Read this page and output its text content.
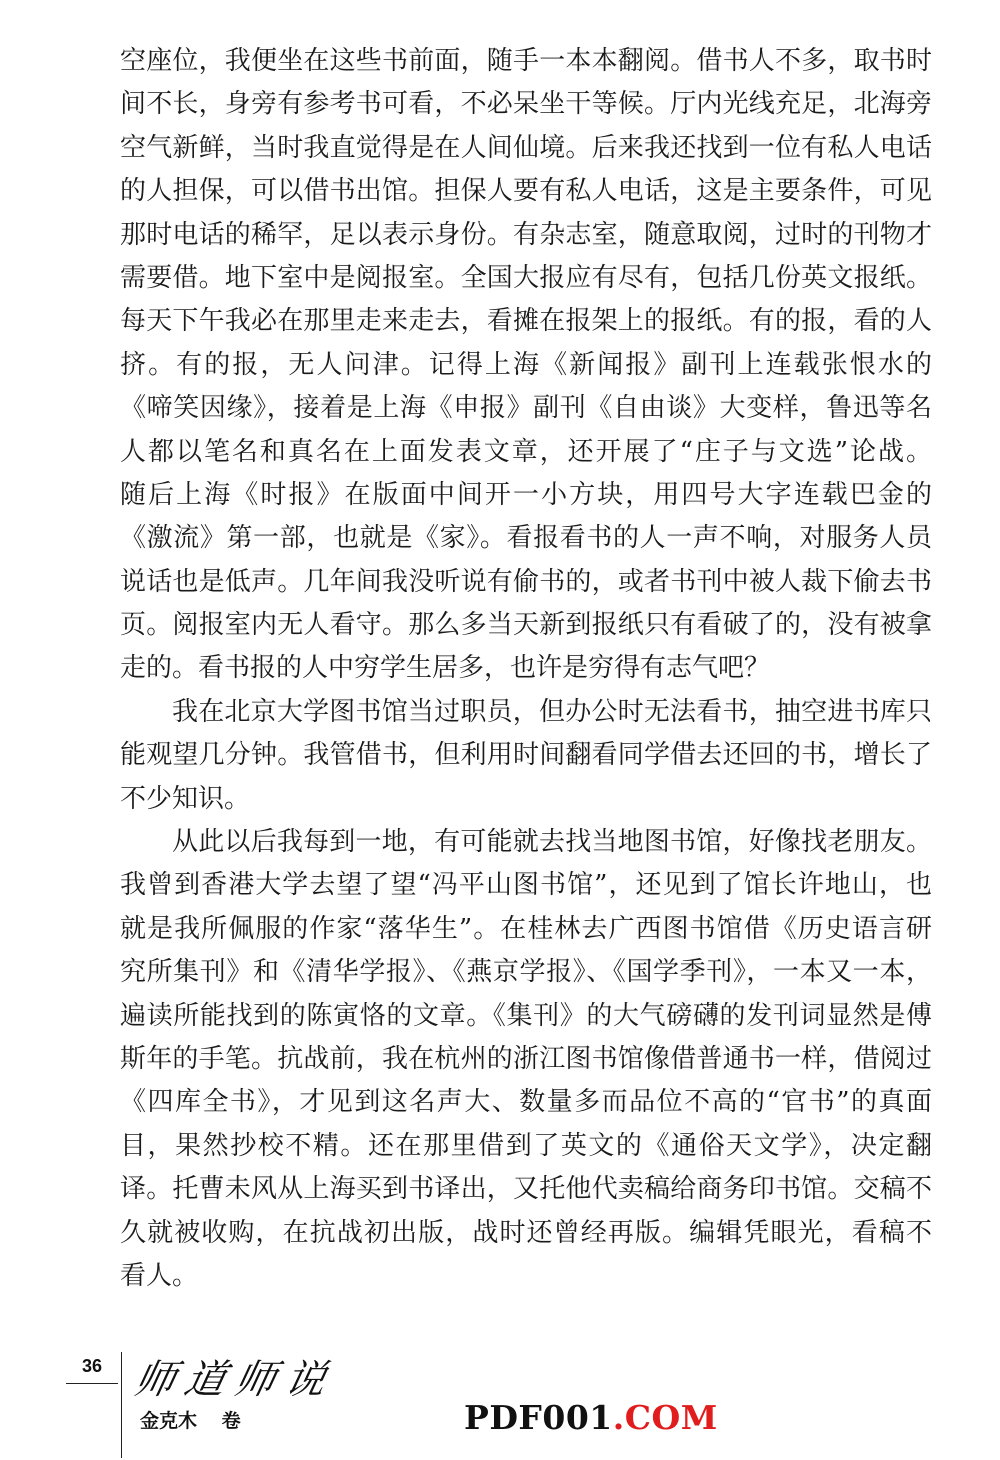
空座位，我便坐在这些书前面，随手一本本翻阅。借书人不多，取书时
间不长，身旁有参考书可看，不必呆坐干等候。厅内光线充足，北海旁
空气新鲜，当时我直觉得是在人间仙境。后来我还找到一位有私人电话
的人担保，可以借书出馆。担保人要有私人电话，这是主要条件，可见
那时电话的稀罕，足以表示身份。有杂志室，随意取阅，过时的刊物才
需要借。地下室中是阅报室。全国大报应有尽有，包括几份英文报纸。
每天下午我必在那里走来走去，看摊在报架上的报纸。有的报，看的人
挤。有的报，无人问津。记得上海《新闻报》副刊上连载张恨水的
《啼笑因缘》，接着是上海《申报》副刊《自由谈》大变样，鲁迅等名
人都以笔名和真名在上面发表文章，还开展了“庄子与文选”论战。
随后上海《时报》在版面中间开一小方块，用四号大字连载巴金的
《激流》第一部，也就是《家》。看报看书的人一声不响，对服务人员
说话也是低声。几年间我没听说有偷书的，或者书刊中被人裁下偷去书
页。阅报室内无人看守。那么多当天新到报纸只有看破了的，没有被拿
走的。看书报的人中穷学生居多，也许是穷得有志气吧？
我在北京大学图书馆当过职员，但办公时无法看书，抽空进书库只
能观望几分钟。我管借书，但利用时间翻看同学借去还回的书，增长了
不少知识。
从此以后我每到一地，有可能就去找当地图书馆，好像找老朋友。
我曾到香港大学去望了望“冯平山图书馆”，还见到了馆长许地山，也
就是我所佩服的作家“落华生”。在桂林去广西图书馆借《历史语言研
究所集刊》和《清华学报》、《燕京学报》、《国学季刊》，一本又一本，
遍读所能找到的陈寅恪的文章。《集刊》的大气磅礴的发刊词显然是傅
斯年的手笔。抗战前，我在杭州的浙江图书馆像借普通书一样，借阅过
《四库全书》，才见到这名声大、数量多而品位不高的“官书”的真面
目，果然抄校不精。还在那里借到了英文的《通俗天文学》，决定翻
译。托曹未风从上海买到书译出，又托他代卖稿给商务印书馆。交稿不
久就被收购，在抗战初出版，战时还曾经再版。编辑凭眼光，看稿不
看人。
36 师道师说
金克木 卷	PDF001.COM
